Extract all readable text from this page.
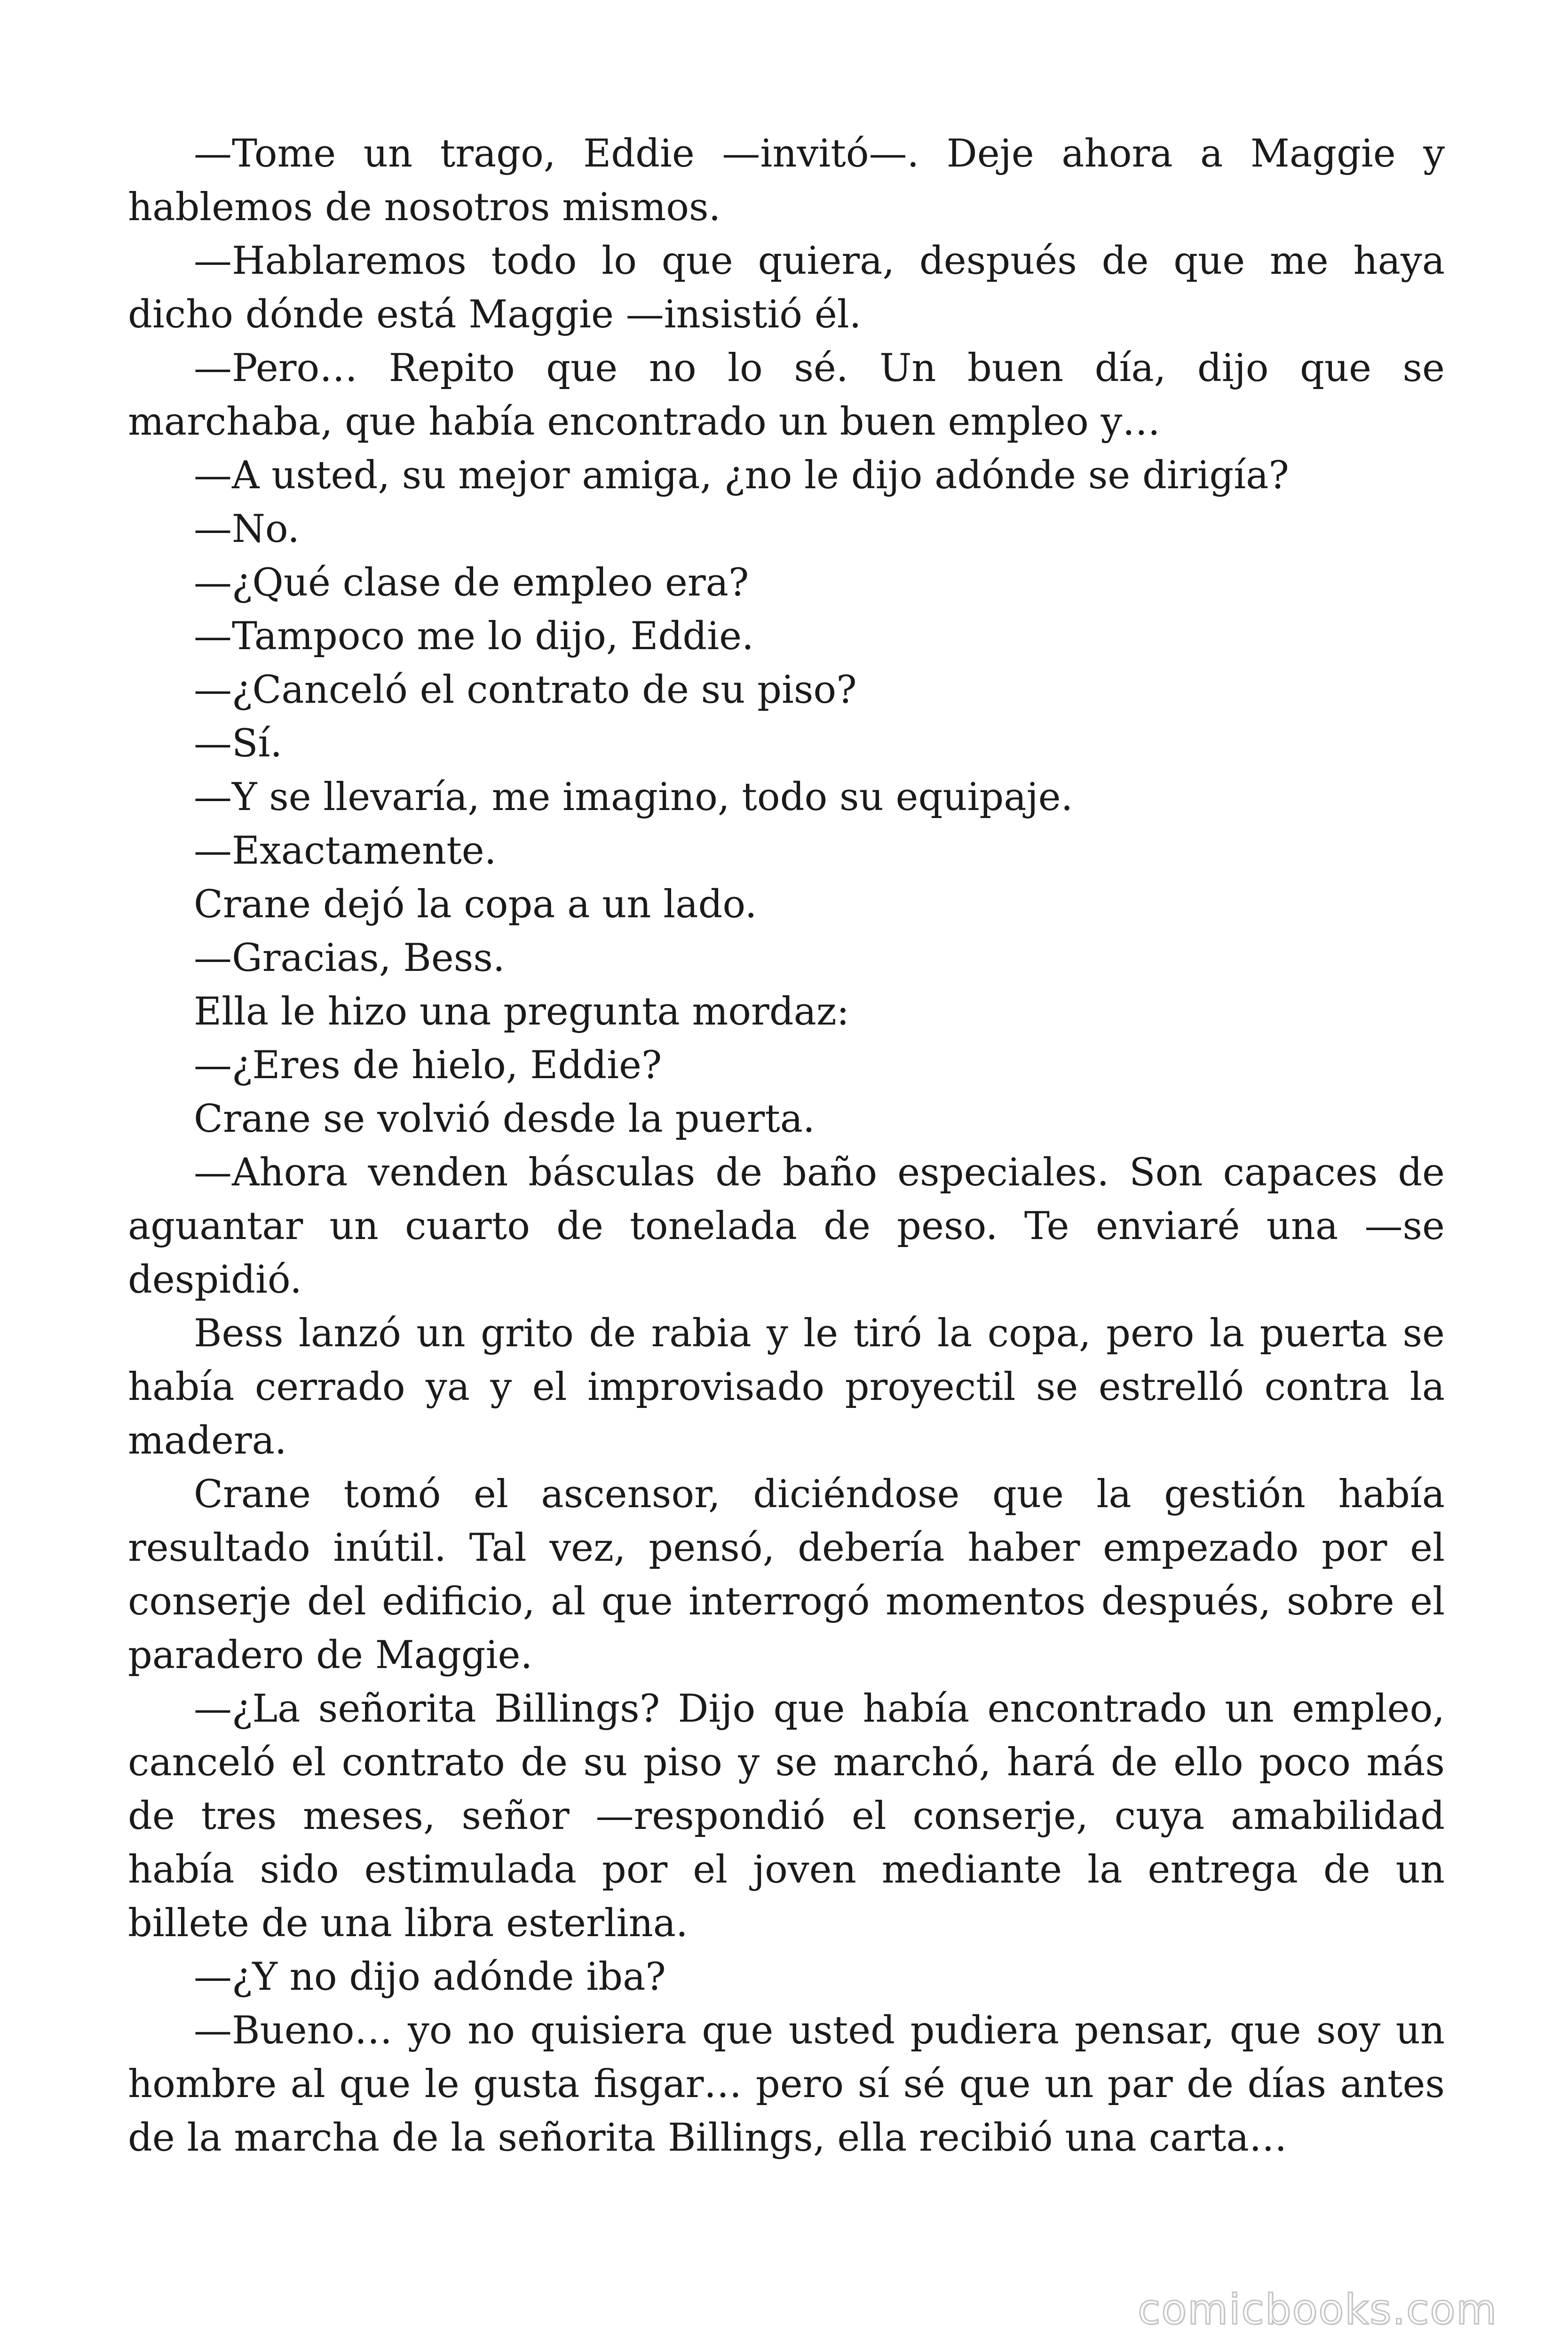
—Tome un trago, Eddie —invitó—. Deje ahora a Maggie y hablemos de nosotros mismos.

—Hablaremos todo lo que quiera, después de que me haya dicho dónde está Maggie —insistió él.

—Pero… Repito que no lo sé. Un buen día, dijo que se marchaba, que había encontrado un buen empleo y…

—A usted, su mejor amiga, ¿no le dijo adónde se dirigía?

—No.

—¿Qué clase de empleo era?

—Tampoco me lo dijo, Eddie.

—¿Canceló el contrato de su piso?

—Sí.

—Y se llevaría, me imagino, todo su equipaje.

—Exactamente.

Crane dejó la copa a un lado.

—Gracias, Bess.

Ella le hizo una pregunta mordaz:

—¿Eres de hielo, Eddie?

Crane se volvió desde la puerta.

—Ahora venden básculas de baño especiales. Son capaces de aguantar un cuarto de tonelada de peso. Te enviaré una —se despidió.

Bess lanzó un grito de rabia y le tiró la copa, pero la puerta se había cerrado ya y el improvisado proyectil se estrelló contra la madera.

Crane tomó el ascensor, diciéndose que la gestión había resultado inútil. Tal vez, pensó, debería haber empezado por el conserje del edificio, al que interrogó momentos después, sobre el paradero de Maggie.

—¿La señorita Billings? Dijo que había encontrado un empleo, canceló el contrato de su piso y se marchó, hará de ello poco más de tres meses, señor —respondió el conserje, cuya amabilidad había sido estimulada por el joven mediante la entrega de un billete de una libra esterlina.

—¿Y no dijo adónde iba?

—Bueno… yo no quisiera que usted pudiera pensar, que soy un hombre al que le gusta fisgar… pero sí sé que un par de días antes de la marcha de la señorita Billings, ella recibió una carta…

comicbooks.com
